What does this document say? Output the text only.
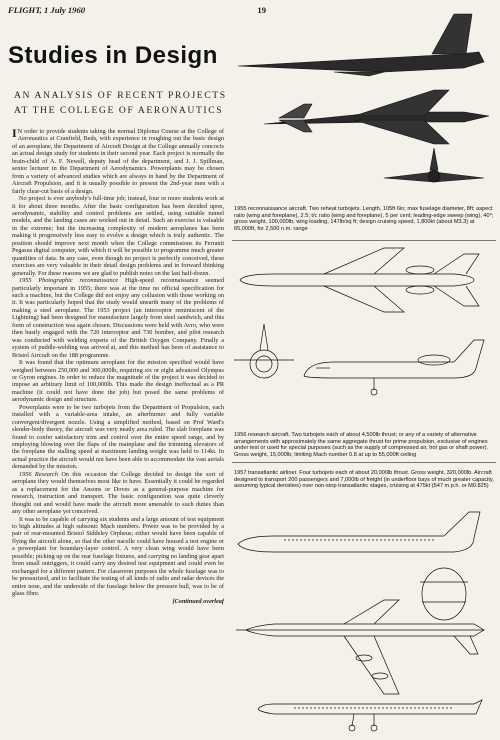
FLIGHT, 1 July 1960	19
Studies in Design
AN ANALYSIS OF RECENT PROJECTS AT THE COLLEGE OF AERONAUTICS

I N order to provide students taking the normal Diploma Course at the College of Aeronautics at Cranfield, Beds, with experience in roughing out the basic design of an aeroplane, the Department of Aircraft Design at the College annually concocts an actual design study for students in their second year. Each project is normally the brain-child of A. F. Newell, deputy head of the department, and J. J. Spillman, senior lecturer in the Department of Aerodynamics. Powerplants may be chosen from a variety of advanced studies which are always in hand by the Department of Aircraft Propulsion, and it is usually possible to present the 2nd-year men with a fairly clear-cut basis of a design.

No project is ever anybody's full-time job; instead, four or more students work at it for about three months. After the basic configuration has been decided upon, aerodynamic, stability and control problems are settled, using suitable tunnel models, and the landing cases are worked out in detail. Such an exercise is valuable in the extreme; but the increasing complexity of modern aeroplanes has been making it progressively less easy to evolve a design which is truly authentic. The position should improve next month when the College commissions its Ferranti Pegasus digital computer, with which it will be possible to programme much greater quantities of data. In any case, even though no project is perfectly conceived, these exercises are very valuable in their detail design problems and in forward thinking generally. For these reasons we are glad to publish notes on the last half-dozen.

1955 Photographic reconnaissance High-speed reconnaissance seemed particularly important in 1955; there was at the time no official specification for such a machine, but the College did not enjoy any collusion with those working on it. It was particularly hoped that the study would unearth many of the problems of making a steel aeroplane. The 1953 project (an interceptor reminiscent of the Lightning) had been designed for manufacture largely from steel sandwich, and this form of construction was again chosen. Discussions were held with Avro, who were then busily engaged with the 720 interceptor and 730 bomber, and pilot research was conducted with welding experts of the British Oxygen Company. Finally a system of puddle-welding was arrived at, and this method has been of assistance to Bristol Aircraft on the 188 programme.

It was found that the optimum aeroplane for the mission specified would have weighed between 250,000 and 300,000lb, requiring six or eight advanced Olympus or Gyron engines. In order to reduce the magnitude of the project it was decided to impose an arbitrary limit of 100,000lb. This made the design ineffectual as a PR machine (it could not have done the job) but posed the same problems of aerodynamic design and structure.

Powerplants were to be two turbojets from the Department of Propulsion, each installed with a variable-area intake, an afterburner and fully variable convergent/divergent nozzle. Using a simplified method, based on Prof Ward's slender-body theory, the aircraft was very neatly area ruled. The slab foreplane was found to confer satisfactory trim and control over the entire speed range, and by employing blowing over the flaps of the mainplane and the trimming elevators of the foreplane the stalling speed at maximum landing weight was held to 114kt. In actual practice the aircraft would not have been able to accommodate the vast aerials demanded by the mission.

1956 Research On this occasion the College decided to design the sort of aeroplane they would themselves most like to have. Essentially it could be regarded as a replacement for the Ansons or Doves as a general-purpose machine for research, instruction and transport. The basic configuration was quite cleverly thought out and would have made the aircraft more amenable to such duties than any other aeroplane yet conceived.

It was to be capable of carrying six students and a large amount of test equipment to high altitudes at high subsonic Mach numbers. Power was to be provided by a pair of rear-mounted Bristol Siddeley Orpheus; either would have been capable of flying the aircraft alone, so that the other nacelle could have housed a test engine or a powerplant for boundary-layer control. A very clean wing would have been possible; picking up on the rear fuselage fixtures, and carrying no landing gear apart from small outriggers, it could carry any desired test equipment and could even be exchanged for a different pattern. For classroom purposes the whole fuselage was to be pressurized, and to facilitate the testing of all kinds of radio and radar devices the entire nose, and the underside of the fuselage below the pressure hull, was to be of glass fibre.

[Continued overleaf
1955 reconnaissance aircraft. Two reheat turbojets. Length, 105ft 6in; max fuselage diameter, 8ft; aspect ratio (wing and foreplane), 2.5; t/c ratio (wing and foreplane), 5 per cent; leading-edge sweep (wing), 40°; gross weight, 100,000lb; wing loading, 147lb/sq ft; design cruising speed, 1,800kt (about M3.3) at 65,000ft, for 2,500 n.m. range
1956 research aircraft. Two turbojets each of about 4,500lb thrust; or any of a variety of alternative arrangements with approximately the same aggregate thrust for prime propulsion, exclusive of engines under test or used for special purposes (such as the supply of compressed air, hot gas or shaft power). Gross weight, 15,000lb; limiting Mach number 0.8 at up to 55,000ft ceiling
1957 transatlantic airliner. Four turbojets each of about 20,000lb thrust. Gross weight, 320,000lb. Aircraft designed to transport 200 passengers and 7,000lb of freight (in underfloor bays of much greater capacity, assuming typical densities) over non-stop transatlantic stages, cruising at 475kt (547 m.p.h. or M0.825)
